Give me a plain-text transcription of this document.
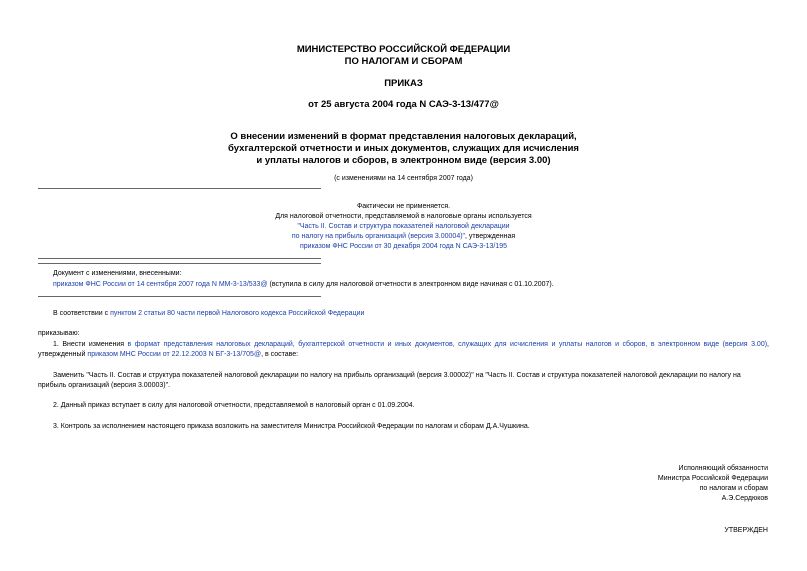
МИНИСТЕРСТВО РОССИЙСКОЙ ФЕДЕРАЦИИ
ПО НАЛОГАМ И СБОРАМ
ПРИКАЗ
от 25 августа 2004 года N САЭ-3-13/477@
О внесении изменений в формат представления налоговых деклараций,
бухгалтерской отчетности и иных документов, служащих для исчисления
и уплаты налогов и сборов, в электронном виде (версия 3.00)
(с изменениями на 14 сентября 2007 года)
Фактически не применяется.
Для налоговой отчетности, представляемой в налоговые органы используется
"Часть II. Состав и структура показателей налоговой декларации
по налогу на прибыль организаций (версия 3.00004)", утвержденная
приказом ФНС России от 30 декабря 2004 года N САЭ-3-13/195
Документ с изменениями, внесенными:
приказом ФНС России от 14 сентября 2007 года N ММ-3-13/533@ (вступила в силу для налоговой отчетности в электронном виде начиная с 01.10.2007).
В соответствии с пунктом 2 статьи 80 части первой Налогового кодекса Российской Федерации
приказываю:
1. Внести изменения в формат представления налоговых деклараций, бухгалтерской отчетности и иных документов, служащих для исчисления и уплаты налогов и сборов, в электронном виде (версия 3.00), утвержденный приказом МНС России от 22.12.2003 N БГ-3-13/705@, в составе:
Заменить "Часть II. Состав и структура показателей налоговой декларации по налогу на прибыль организаций (версия 3.00002)" на "Часть II. Состав и структура показателей налоговой декларации по налогу на
прибыль организаций (версия 3.00003)".
2. Данный приказ вступает в силу для налоговой отчетности, представляемой в налоговый орган с 01.09.2004.
3. Контроль за исполнением настоящего приказа возложить на заместителя Министра Российской Федерации по налогам и сборам Д.А.Чушкина.
Исполняющий обязанности
Министра Российской Федерации
по налогам и сборам
А.Э.Сердюков
УТВЕРЖДЕН
